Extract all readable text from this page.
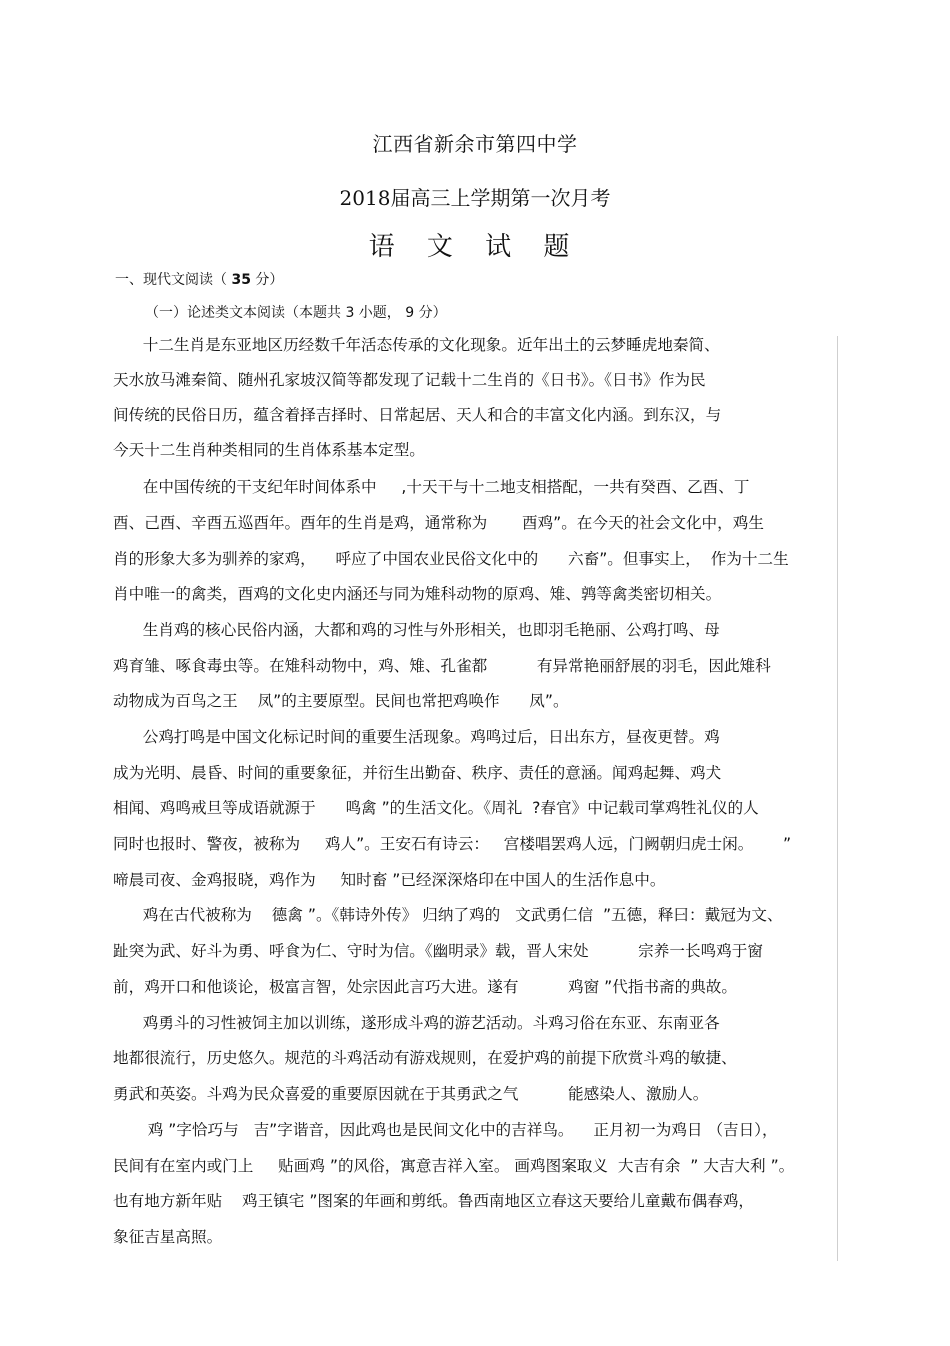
江西省新余市第四中学
2018届高三上学期第一次月考
语 文 试 题
一、现代文阅读（ 35 分）
（一）论述类文本阅读（本题共 3 小题， 9 分）
十二生肖是东亚地区历经数千年活态传承的文化现象。近年出土的云梦睡虎地秦简、
天水放马滩秦简、随州孔家坡汉简等都发现了记载十二生肖的《日书》。《日书》作为民
间传统的民俗日历，蕴含着择吉择时、日常起居、天人和合的丰富文化内涵。到东汉，与
今天十二生肖种类相同的生肖体系基本定型。
在中国传统的干支纪年时间体系中     ,十天干与十二地支相搭配，一共有癸酉、乙酉、丁
酉、己酉、辛酉五巡酉年。酉年的生肖是鸡，通常称为       酉鸡”。在今天的社会文化中，鸡生
肖的形象大多为驯养的家鸡，    呼应了中国农业民俗文化中的      六畜”。但事实上，  作为十二生
肖中唯一的禽类，酉鸡的文化史内涵还与同为雉科动物的原鸡、雉、鹑等禽类密切相关。
生肖鸡的核心民俗内涵，大都和鸡的习性与外形相关，也即羽毛艳丽、公鸡打鸣、母
鸡育雏、啄食毒虫等。在雉科动物中，鸡、雉、孔雀都          有异常艳丽舒展的羽毛，因此雉科
动物成为百鸟之王    凤”的主要原型。民间也常把鸡唤作      凤”。
公鸡打鸣是中国文化标记时间的重要生活现象。鸡鸣过后，日出东方，昼夜更替。鸡
成为光明、晨昏、时间的重要象征，并衍生出勤奋、秩序、责任的意涵。闻鸡起舞、鸡犬
相闻、鸡鸣戒旦等成语就源于      鸣禽 ”的生活文化。《周礼  ?春官》中记载司掌鸡牲礼仪的人
同时也报时、警夜，被称为     鸡人”。王安石有诗云：   宫楼唱罢鸡人远，门阙朝归虎士闲。      ”
啼晨司夜、金鸡报晓，鸡作为     知时畜 ”已经深深烙印在中国人的生活作息中。
鸡在古代被称为    德禽 ”。《韩诗外传》 归纳了鸡的   文武勇仁信  ”五德，释曰：戴冠为文、
趾突为武、好斗为勇、呼食为仁、守时为信。《幽明录》载，晋人宋处          宗养一长鸣鸡于窗
前，鸡开口和他谈论，极富言智，处宗因此言巧大进。遂有          鸡窗 ”代指书斋的典故。
鸡勇斗的习性被饲主加以训练，遂形成斗鸡的游艺活动。斗鸡习俗在东亚、东南亚各
地都很流行，历史悠久。规范的斗鸡活动有游戏规则，在爱护鸡的前提下欣赏斗鸡的敏捷、
勇武和英姿。斗鸡为民众喜爱的重要原因就在于其勇武之气          能感染人、激励人。
鸡 ”字恰巧与   吉”字谐音，因此鸡也是民间文化中的吉祥鸟。    正月初一为鸡日 （吉日），
民间有在室内或门上     贴画鸡 ”的风俗，寓意吉祥入室。 画鸡图案取义  大吉有余  ” 大吉大利 ”。
也有地方新年贴    鸡王镇宅 ”图案的年画和剪纸。鲁西南地区立春这天要给儿童戴布偶春鸡，
象征吉星高照。
